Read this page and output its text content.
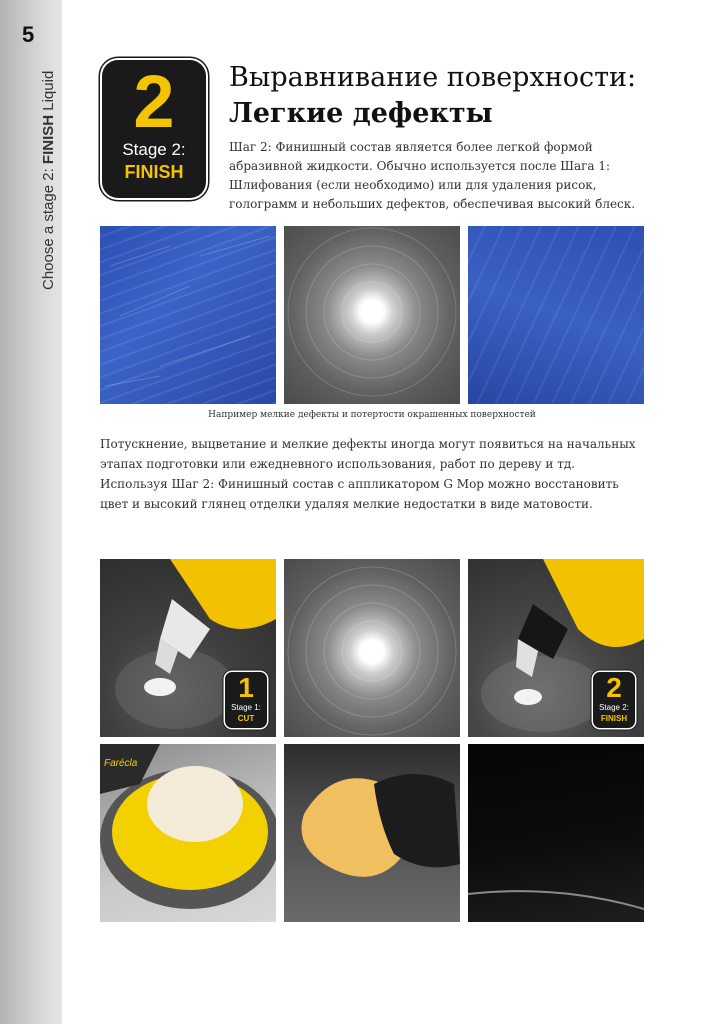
5
Choose a stage 2: FINISH Liquid	2
Stage 2:
FINISH
Выравнивание поверхности:
Легкие дефекты
Шаг 2: Финишный состав является более легкой формой абразивной жидкости. Обычно используется после Шага 1: Шлифования (если необходимо) или для удаления рисок, голограмм и небольших дефектов, обеспечивая высокий блеск.
Например мелкие дефекты и потертости окрашенных поверхностей
Потускнение, выцветание и мелкие дефекты иногда могут появиться на начальных этапах подготовки или ежедневного использования, работ по дереву и тд. Используя Шаг 2: Финишный состав с аппликатором G Mop можно восстановить цвет и высокий глянец отделки удаляя мелкие недостатки в виде матовости.
Farécla
1
Stage 1:
CUT
2
Stage 2:
FINISH
